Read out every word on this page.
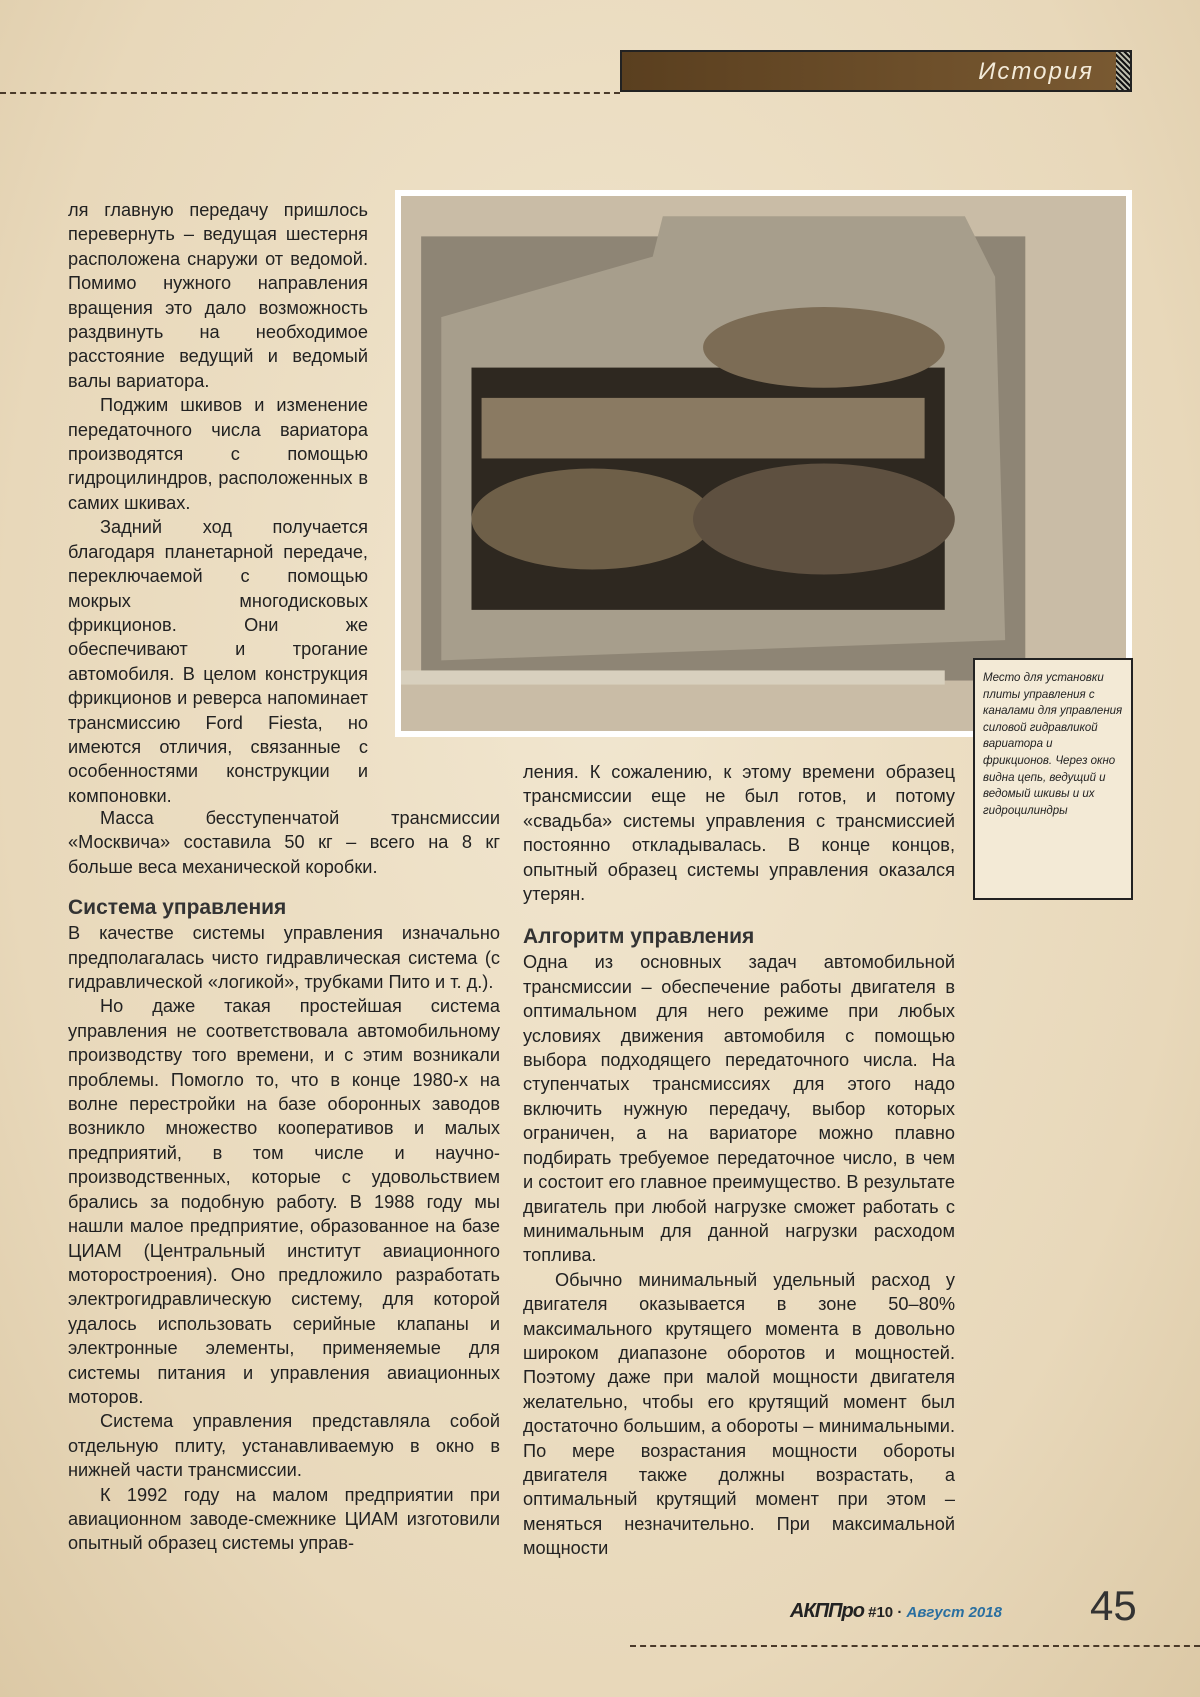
История

ля главную передачу пришлось перевернуть – ведущая шестерня расположена снаружи от ведомой. Помимо нужного направления вращения это дало возможность раздвинуть на необходимое расстояние ведущий и ведомый валы вариатора.

Поджим шкивов и изменение передаточного числа вариатора производятся с помощью гидроцилиндров, расположенных в самих шкивах.

Задний ход получается благодаря планетарной передаче, переключаемой с помощью мокрых многодисковых фрикционов. Они же обеспечивают и трогание автомобиля. В целом конструкция фрикционов и реверса напоминает трансмиссию Ford Fiesta, но имеются отличия, связанные с особенностями конструкции и компоновки.

Масса бесступенчатой трансмиссии «Москвича» составила 50 кг – всего на 8 кг больше веса механической коробки.

Система управления

В качестве системы управления изначально предполагалась чисто гидравлическая система (с гидравлической «логикой», трубками Пито и т. д.).

Но даже такая простейшая система управления не соответствовала автомобильному производству того времени, и с этим возникали проблемы. Помогло то, что в конце 1980-х на волне перестройки на базе оборонных заводов возникло множество кооперативов и малых предприятий, в том числе и научно-производственных, которые с удовольствием брались за подобную работу. В 1988 году мы нашли малое предприятие, образованное на базе ЦИАМ (Центральный институт авиационного моторостроения). Оно предложило разработать электрогидравлическую систему, для которой удалось использовать серийные клапаны и электронные элементы, применяемые для системы питания и управления авиационных моторов.

Система управления представляла собой отдельную плиту, устанавливаемую в окно в нижней части трансмиссии.

К 1992 году на малом предприятии при авиационном заводе-смежнике ЦИАМ изготовили опытный образец системы управ-

Место для установки плиты управления с каналами для управления силовой гидравликой вариатора и фрикционов. Через окно видна цепь, ведущий и ведомый шкивы и их гидроцилиндры

ления. К сожалению, к этому времени образец трансмиссии еще не был готов, и потому «свадьба» системы управления с трансмиссией постоянно откладывалась. В конце концов, опытный образец системы управления оказался утерян.

Алгоритм управления

Одна из основных задач автомобильной трансмиссии – обеспечение работы двигателя в оптимальном для него режиме при любых условиях движения автомобиля с помощью выбора подходящего передаточного числа. На ступенчатых трансмиссиях для этого надо включить нужную передачу, выбор которых ограничен, а на вариаторе можно плавно подбирать требуемое передаточное число, в чем и состоит его главное преимущество. В результате двигатель при любой нагрузке сможет работать с минимальным для данной нагрузки расходом топлива.

Обычно минимальный удельный расход у двигателя оказывается в зоне 50–80% максимального крутящего момента в довольно широком диапазоне оборотов и мощностей. Поэтому даже при малой мощности двигателя желательно, чтобы его крутящий момент был достаточно большим, а обороты – минимальными. По мере возрастания мощности обороты двигателя также должны возрастать, а оптимальный крутящий момент при этом – меняться незначительно. При максимальной мощности

АКППро #10 · Август 2018 45
